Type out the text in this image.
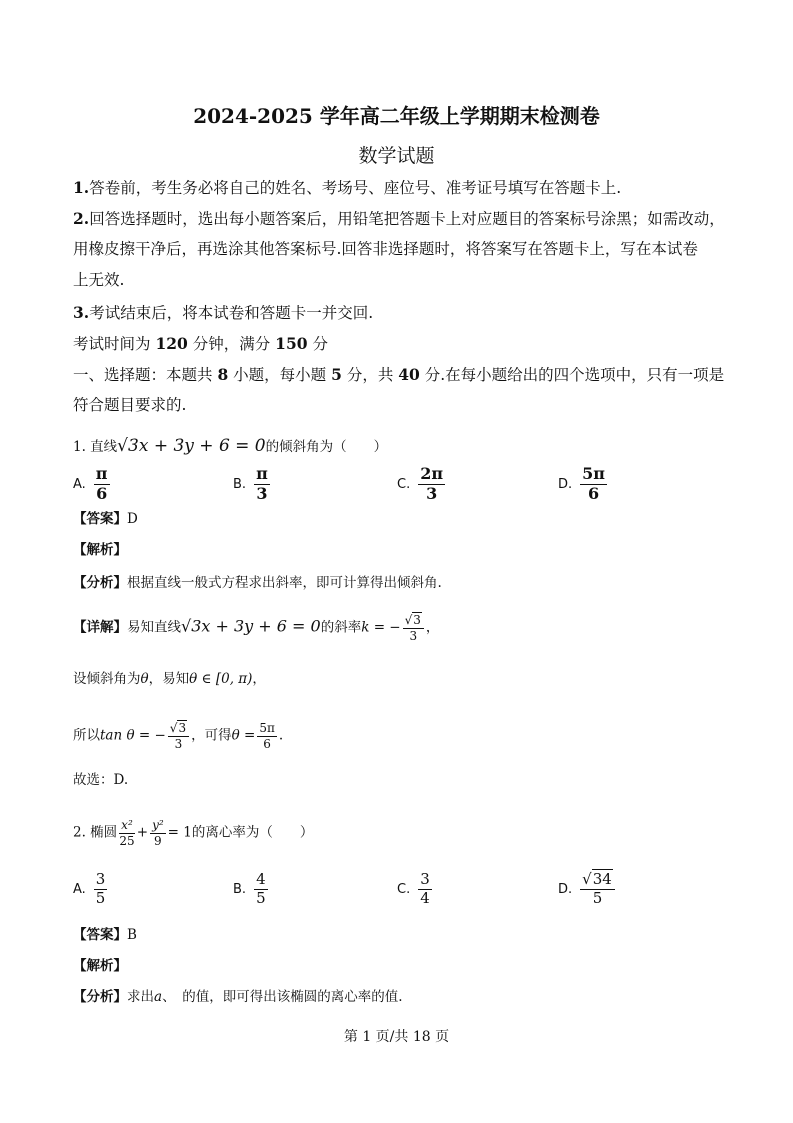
2024-2025 学年高二年级上学期期末检测卷
数学试题
1.答卷前，考生务必将自己的姓名、考场号、座位号、准考证号填写在答题卡上.
2.回答选择题时，选出每小题答案后，用铅笔把答题卡上对应题目的答案标号涂黑；如需改动，
用橡皮擦干净后，再选涂其他答案标号.回答非选择题时，将答案写在答题卡上，写在本试卷
上无效.
3.考试结束后，将本试卷和答题卡一并交回.
考试时间为 120 分钟，满分 150 分
一、选择题：本题共 8 小题，每小题 5 分，共 40 分.在每小题给出的四个选项中，只有一项是
符合题目要求的.
1. 直线√3x + 3y + 6 = 0的倾斜角为（　　）
A. $\frac{\pi}{6}$	B. $\frac{\pi}{3}$	C. $\frac{2\pi}{3}$	D. $\frac{5\pi}{6}$
【答案】D
【解析】
【分析】根据直线一般式方程求出斜率，即可计算得出倾斜角.
【详解】易知直线√3x + 3y + 6 = 0的斜率k = − $\frac{√3}{3}$ ，
设倾斜角为θ，易知θ ∈ [0, π)，
所以tan θ = − $\frac{√3}{3}$ ，可得$\theta = \frac{5\pi}{6}$ .
故选：D.
2. 椭圆 $\frac{\text{x²}}{25} + \frac{\text{y²}}{9} = 1$的离心率为（　　）
A. $\frac{3}{5}$	B. $\frac{4}{5}$	C. $\frac{3}{4}$	D. $\frac{√34}{5}$
【答案】B
【解析】
【分析】求出a、　的值，即可得出该椭圆的离心率的值.
第 1 页/共 18 页
